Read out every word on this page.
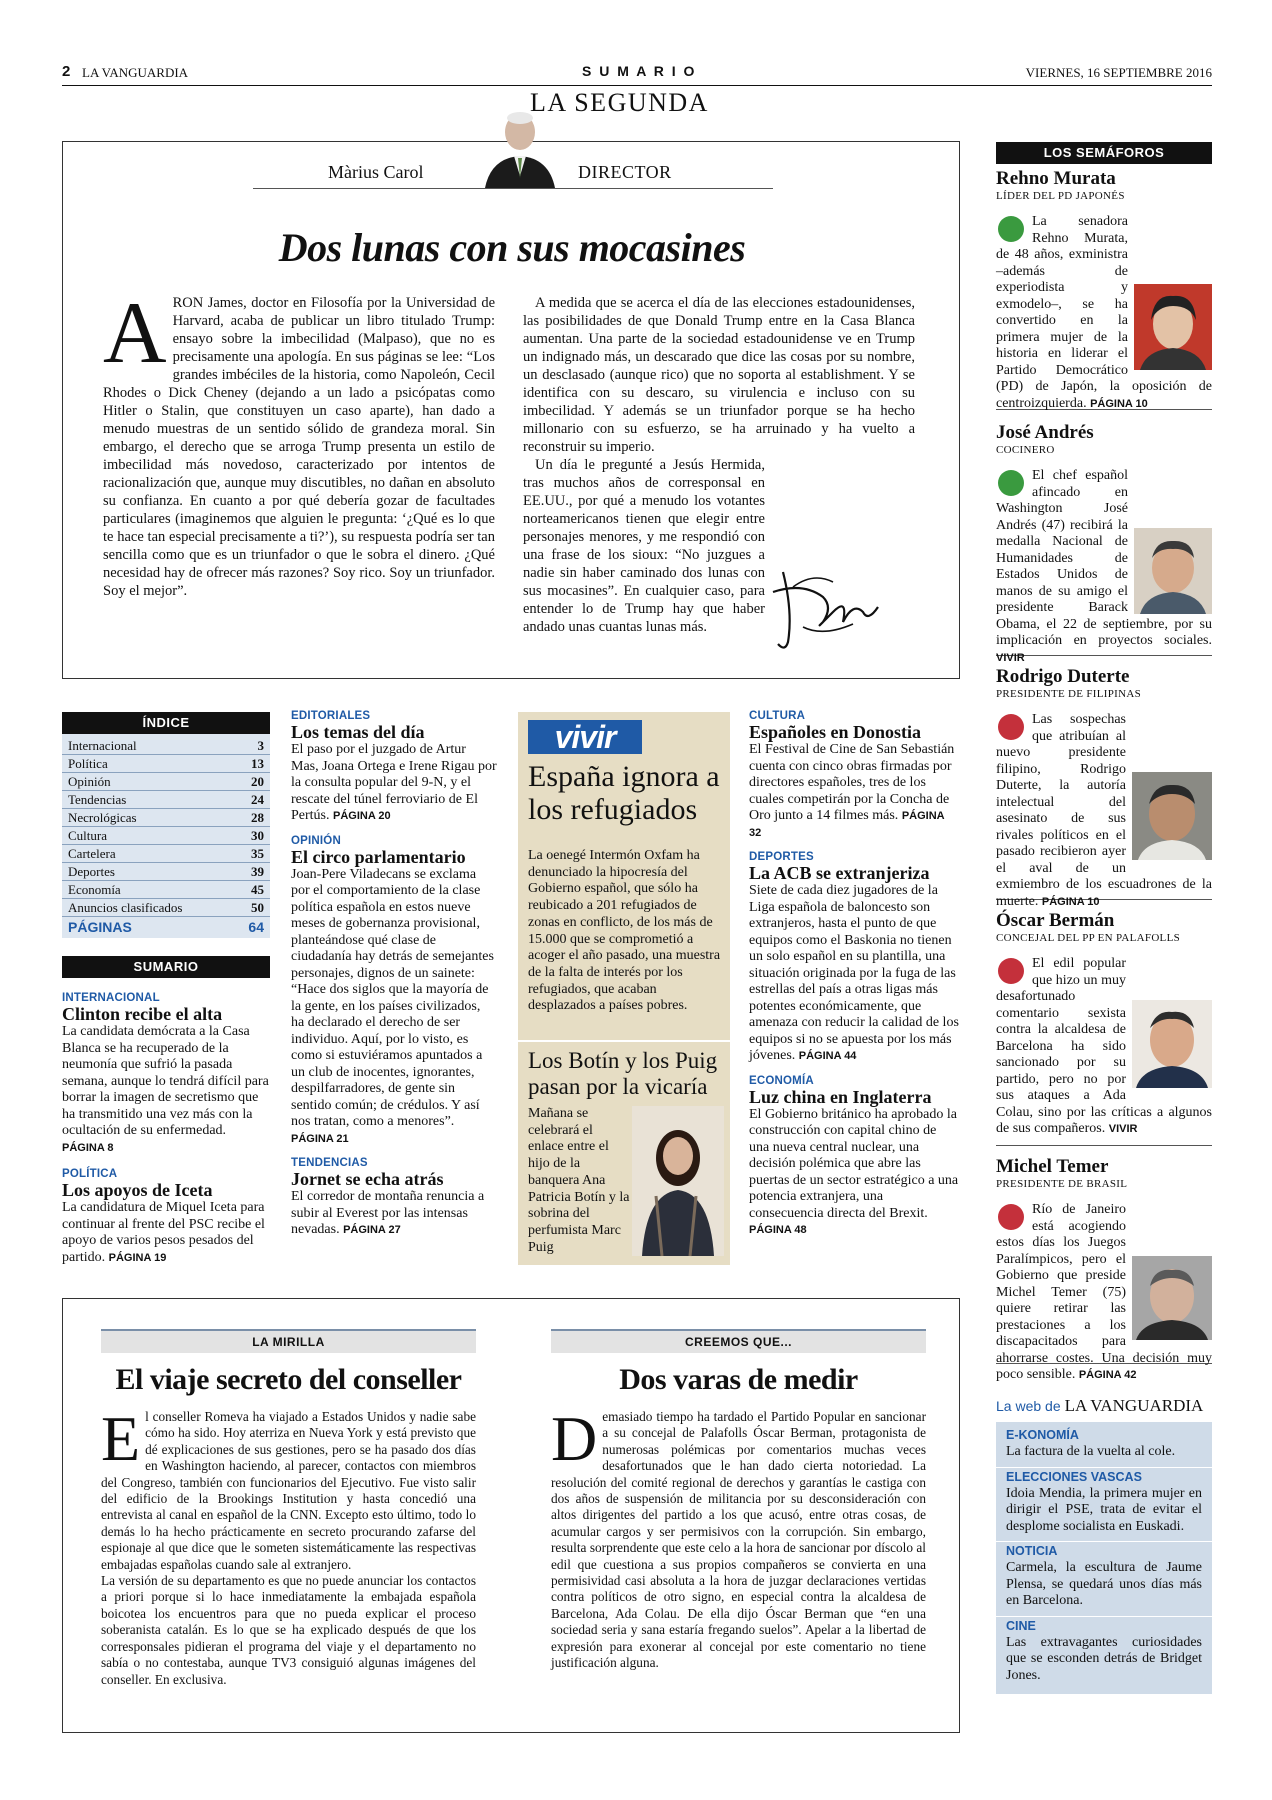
2 LA VANGUARDIA	S U M A R I O	VIERNES, 16 SEPTIEMBRE 2016
LA SEGUNDA
Màrius Carol	DIRECTOR
Dos lunas con sus mocasines
ARON James, doctor en Filosofía por la Universidad de Harvard, acaba de publicar un libro titulado Trump: ensayo sobre la imbecilidad (Malpaso), que no es precisamente una apología. En sus páginas se lee: “Los grandes imbéciles de la historia, como Napoleón, Cecil Rhodes o Dick Cheney (dejando a un lado a psicópatas como Hitler o Stalin, que constituyen un caso aparte), han dado a menudo muestras de un sentido sólido de grandeza moral. Sin embargo, el derecho que se arroga Trump presenta un estilo de imbecilidad más novedoso, caracterizado por intentos de racionalización que, aunque muy discutibles, no dañan en absoluto su confianza. En cuanto a por qué debería gozar de facultades particulares (imaginemos que alguien le pregunta: ‘¿Qué es lo que te hace tan especial precisamente a ti?’), su respuesta podría ser tan sencilla como que es un triunfador o que le sobra el dinero. ¿Qué necesidad hay de ofrecer más razones? Soy rico. Soy un triunfador. Soy el mejor”.

A medida que se acerca el día de las elecciones estadounidenses, las posibilidades de que Donald Trump entre en la Casa Blanca aumentan. Una parte de la sociedad estadounidense ve en Trump un indignado más, un descarado que dice las cosas por su nombre, un desclasado (aunque rico) que no soporta al establishment. Y se identifica con su descaro, su virulencia e incluso con su imbecilidad. Y además se un triunfador porque se ha hecho millonario con su esfuerzo, se ha arruinado y ha vuelto a reconstruir su imperio.

Un día le pregunté a Jesús Hermida, tras muchos años de corresponsal en EE.UU., por qué a menudo los votantes norteamericanos tienen que elegir entre personajes menores, y me respondió con una frase de los sioux: “No juzgues a nadie sin haber caminado dos lunas con sus mocasines”. En cualquier caso, para entender lo de Trump hay que haber andado unas cuantas lunas más.

ÍNDICE
Internacional	3
Política	13
Opinión	20
Tendencias	24
Necrológicas	28
Cultura	30
Cartelera	35
Deportes	39
Economía	45
Anuncios clasificados	50
PÁGINAS	64
SUMARIO
INTERNACIONAL
Clinton recibe el alta

La candidata demócrata a la Casa Blanca se ha recuperado de la neumonía que sufrió la pasada semana, aunque lo tendrá difícil para borrar la imagen de secretismo que ha transmitido una vez más con la ocultación de su enfermedad. PÁGINA 8

POLÍTICA
Los apoyos de Iceta

La candidatura de Miquel Iceta para continuar al frente del PSC recibe el apoyo de varios pesos pesados del partido. PÁGINA 19

EDITORIALES
Los temas del día

El paso por el juzgado de Artur Mas, Joana Ortega e Irene Rigau por la consulta popular del 9-N, y el rescate del túnel ferroviario de El Pertús. PÁGINA 20

OPINIÓN
El circo parlamentario

Joan-Pere Viladecans se exclama por el comportamiento de la clase política española en estos nueve meses de gobernanza provisional, planteándose qué clase de ciudadanía hay detrás de semejantes personajes, dignos de un sainete: “Hace dos siglos que la mayoría de la gente, en los países civilizados, ha declarado el derecho de ser individuo. Aquí, por lo visto, es como si estuviéramos apuntados a un club de inocentes, ignorantes, despilfarradores, de gente sin sentido común; de crédulos. Y así nos tratan, como a menores”. PÁGINA 21

TENDENCIAS
Jornet se echa atrás

El corredor de montaña renuncia a subir al Everest por las intensas nevadas. PÁGINA 27

vivir
España ignora a los refugiados
La oenegé Intermón Oxfam ha denunciado la hipocresía del Gobierno español, que sólo ha reubicado a 201 refugiados de zonas en conflicto, de los más de 15.000 que se comprometió a acoger el año pasado, una muestra de la falta de interés por los refugiados, que acaban desplazados a países pobres.
Los Botín y los Puig pasan por la vicaría
Mañana se celebrará el enlace entre el hijo de la banquera Ana Patricia Botín y la sobrina del perfumista Marc Puig
CULTURA
Españoles en Donostia

El Festival de Cine de San Sebastián cuenta con cinco obras firmadas por directores españoles, tres de los cuales competirán por la Concha de Oro junto a 14 filmes más. PÁGINA 32

DEPORTES
La ACB se extranjeriza

Siete de cada diez jugadores de la Liga española de baloncesto son extranjeros, hasta el punto de que equipos como el Baskonia no tienen un solo español en su plantilla, una situación originada por la fuga de las estrellas del país a otras ligas más potentes económicamente, que amenaza con reducir la calidad de los equipos si no se apuesta por los más jóvenes. PÁGINA 44

ECONOMÍA
Luz china en Inglaterra

El Gobierno británico ha aprobado la construcción con capital chino de una nueva central nuclear, una decisión polémica que abre las puertas de un sector estratégico a una potencia extranjera, una consecuencia directa del Brexit. PÁGINA 48

LOS SEMÁFOROS
Rehno Murata
LÍDER DEL PD JAPONÉS
La senadora Rehno Murata, de 48 años, exministra –además de experiodista y exmodelo–, se ha convertido en la primera mujer de la historia en liderar el Partido Democrático (PD) de Japón, la oposición de centroizquierda. PÁGINA 10
José Andrés
COCINERO
El chef español afincado en Washington José Andrés (47) recibirá la medalla Nacional de Humanidades de Estados Unidos de manos de su amigo el presidente Barack Obama, el 22 de septiembre, por su implicación en proyectos sociales. VIVIR
Rodrigo Duterte
PRESIDENTE DE FILIPINAS
Las sospechas que atribuían al nuevo presidente filipino, Rodrigo Duterte, la autoría intelectual del asesinato de sus rivales políticos en el pasado recibieron ayer el aval de un exmiembro de los escuadrones de la muerte. PÁGINA 10
Óscar Bermán
CONCEJAL DEL PP EN PALAFOLLS
El edil popular que hizo un muy desafortunado comentario sexista contra la alcaldesa de Barcelona ha sido sancionado por su partido, pero no por sus ataques a Ada Colau, sino por las críticas a algunos de sus compañeros. VIVIR
Michel Temer
PRESIDENTE DE BRASIL
Río de Janeiro está acogiendo estos días los Juegos Paralímpicos, pero el Gobierno que preside Michel Temer (75) quiere retirar las prestaciones a los discapacitados para ahorrarse costes. Una decisión muy poco sensible. PÁGINA 42
La web de LA VANGUARDIA
E-KONOMÍA
La factura de la vuelta al cole.
ELECCIONES VASCAS
Idoia Mendia, la primera mujer en dirigir el PSE, trata de evitar el desplome socialista en Euskadi.
NOTICIA
Carmela, la escultura de Jaume Plensa, se quedará unos días más en Barcelona.
CINE
Las extravagantes curiosidades que se esconden detrás de Bridget Jones.
LA MIRILLA
El viaje secreto del conseller
El conseller Romeva ha viajado a Estados Unidos y nadie sabe cómo ha sido. Hoy aterriza en Nueva York y está previsto que dé explicaciones de sus gestiones, pero se ha pasado dos días en Washington haciendo, al parecer, contactos con miembros del Congreso, también con funcionarios del Ejecutivo. Fue visto salir del edificio de la Brookings Institution y hasta concedió una entrevista al canal en español de la CNN. Excepto esto último, todo lo demás lo ha hecho prácticamente en secreto procurando zafarse del espionaje al que dice que le someten sistemáticamente las respectivas embajadas españolas cuando sale al extranjero.

La versión de su departamento es que no puede anunciar los contactos a priori porque si lo hace inmediatamente la embajada española boicotea los encuentros para que no pueda explicar el proceso soberanista catalán. Es lo que se ha explicado después de que los corresponsales pidieran el programa del viaje y el departamento no sabía o no contestaba, aunque TV3 consiguió algunas imágenes del conseller. En exclusiva.

CREEMOS QUE...
Dos varas de medir
Demasiado tiempo ha tardado el Partido Popular en sancionar a su concejal de Palafolls Óscar Berman, protagonista de numerosas polémicas por comentarios muchas veces desafortunados que le han dado cierta notoriedad. La resolución del comité regional de derechos y garantías le castiga con dos años de suspensión de militancia por su desconsideración con altos dirigentes del partido a los que acusó, entre otras cosas, de acumular cargos y ser permisivos con la corrupción. Sin embargo, resulta sorprendente que este celo a la hora de sancionar por díscolo al edil que cuestiona a sus propios compañeros se convierta en una permisividad casi absoluta a la hora de juzgar declaraciones vertidas contra políticos de otro signo, en especial contra la alcaldesa de Barcelona, Ada Colau. De ella dijo Óscar Berman que “en una sociedad seria y sana estaría fregando suelos”. Apelar a la libertad de expresión para exonerar al concejal por este comentario no tiene justificación alguna.
